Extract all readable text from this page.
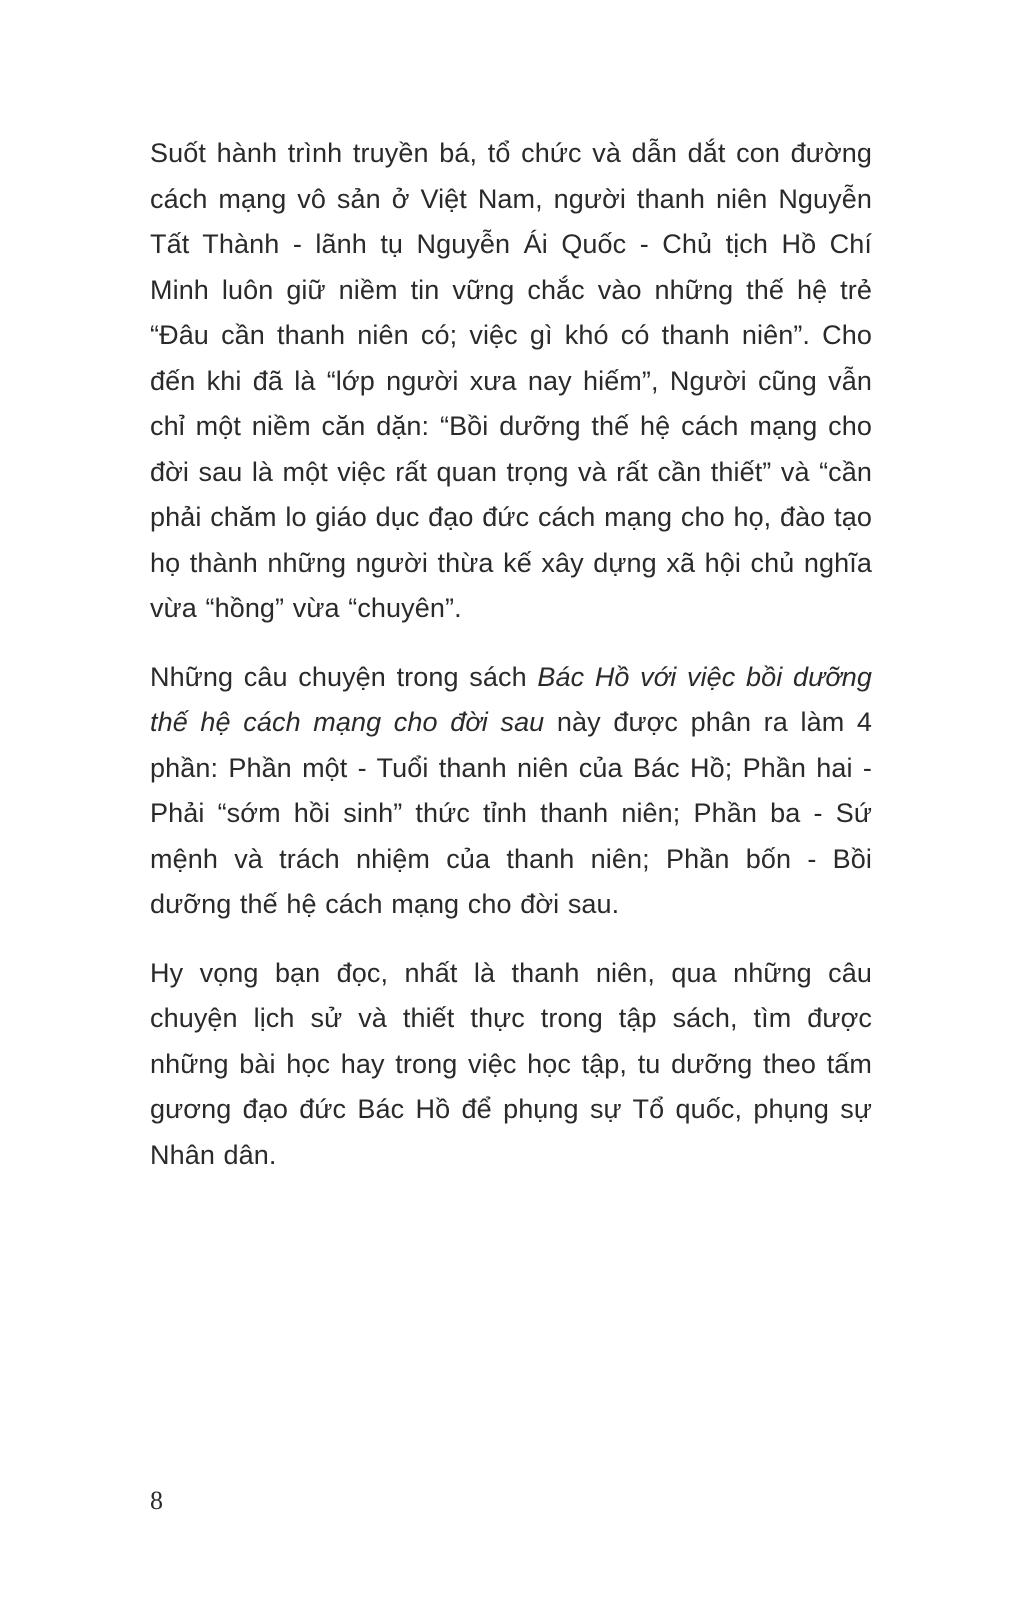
Suốt hành trình truyền bá, tổ chức và dẫn dắt con đường cách mạng vô sản ở Việt Nam, người thanh niên Nguyễn Tất Thành - lãnh tụ Nguyễn Ái Quốc - Chủ tịch Hồ Chí Minh luôn giữ niềm tin vững chắc vào những thế hệ trẻ “Đâu cần thanh niên có; việc gì khó có thanh niên”. Cho đến khi đã là “lớp người xưa nay hiếm”, Người cũng vẫn chỉ một niềm căn dặn: “Bồi dưỡng thế hệ cách mạng cho đời sau là một việc rất quan trọng và rất cần thiết” và “cần phải chăm lo giáo dục đạo đức cách mạng cho họ, đào tạo họ thành những người thừa kế xây dựng xã hội chủ nghĩa vừa “hồng” vừa “chuyên”.

Những câu chuyện trong sách Bác Hồ với việc bồi dưỡng thế hệ cách mạng cho đời sau này được phân ra làm 4 phần: Phần một - Tuổi thanh niên của Bác Hồ; Phần hai - Phải “sớm hồi sinh” thức tỉnh thanh niên; Phần ba - Sứ mệnh và trách nhiệm của thanh niên; Phần bốn - Bồi dưỡng thế hệ cách mạng cho đời sau.

Hy vọng bạn đọc, nhất là thanh niên, qua những câu chuyện lịch sử và thiết thực trong tập sách, tìm được những bài học hay trong việc học tập, tu dưỡng theo tấm gương đạo đức Bác Hồ để phụng sự Tổ quốc, phụng sự Nhân dân.

8
